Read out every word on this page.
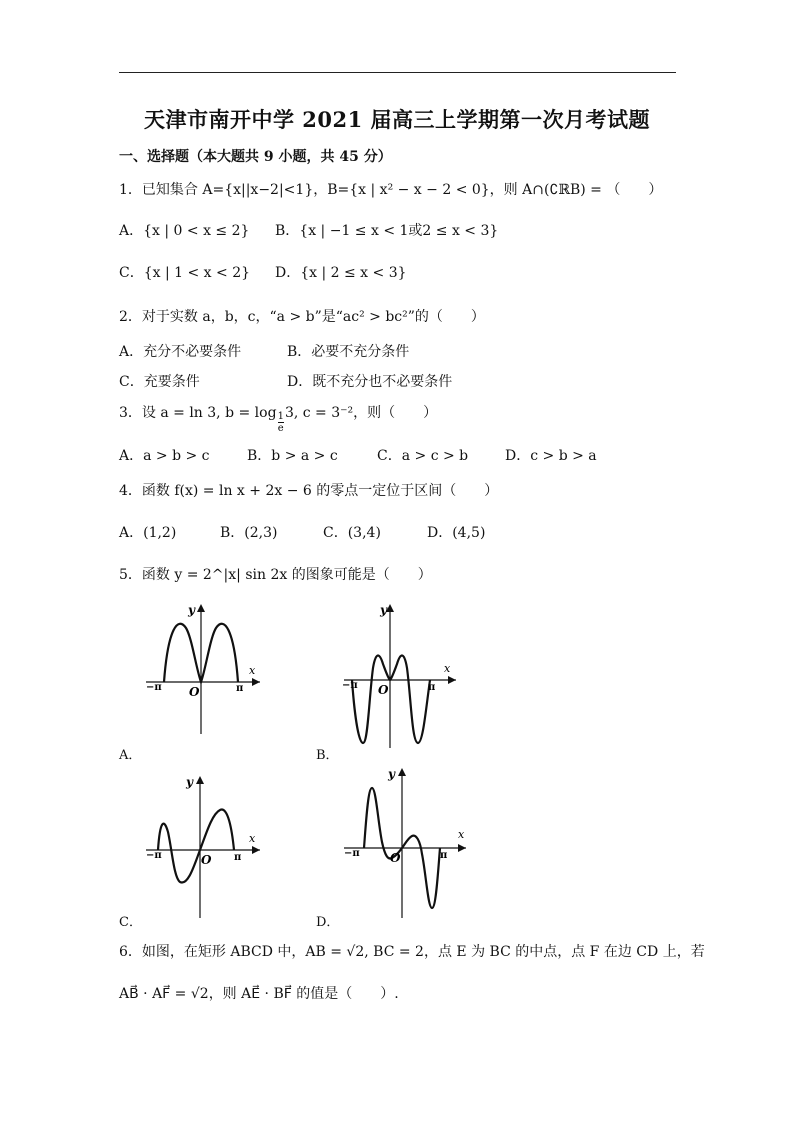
天津市南开中学 2021 届高三上学期第一次月考试题
一、选择题（本大题共 9 小题，共 45 分）
1．已知集合 A={x||x−2|<1}，B={x | x² − x − 2 < 0}，则 A∩(∁ℝB) = （　　）
A．{x | 0 < x ≤ 2} B．{x | −1 ≤ x < 1或2 ≤ x < 3}
C．{x | 1 < x < 2} D．{x | 2 ≤ x < 3}
2．对于实数 a，b，c，“a > b”是“ac² > bc²”的（　　）
A．充分不必要条件	B．必要不充分条件
C．充要条件	D．既不充分也不必要条件
3．设 a = ln 3, $b = \log \frac{1}{e} 3$, c = 3⁻²，则（　　）
A．a > b > c	B．b > a > c	C．a > c > b	D．c > b > a
4．函数 f(x) = ln x + 2x − 6 的零点一定位于区间（　　）
A．(1,2)	B．(2,3)	C．(3,4)	D．(4,5)
5．函数 y = 2^|x| sin 2x 的图象可能是（　　）
x
y
O
−π	π
A．
x
y
O
−π	π
B．
x
y
O
−π	π
C．
x
y
O
−π	π
D．
6．如图，在矩形 ABCD 中，AB = √2, BC = 2，点 E 为 BC 的中点，点 F 在边 CD 上，若
AB⃗ · AF⃗ = √2，则 AE⃗ · BF⃗ 的值是（　　）.
